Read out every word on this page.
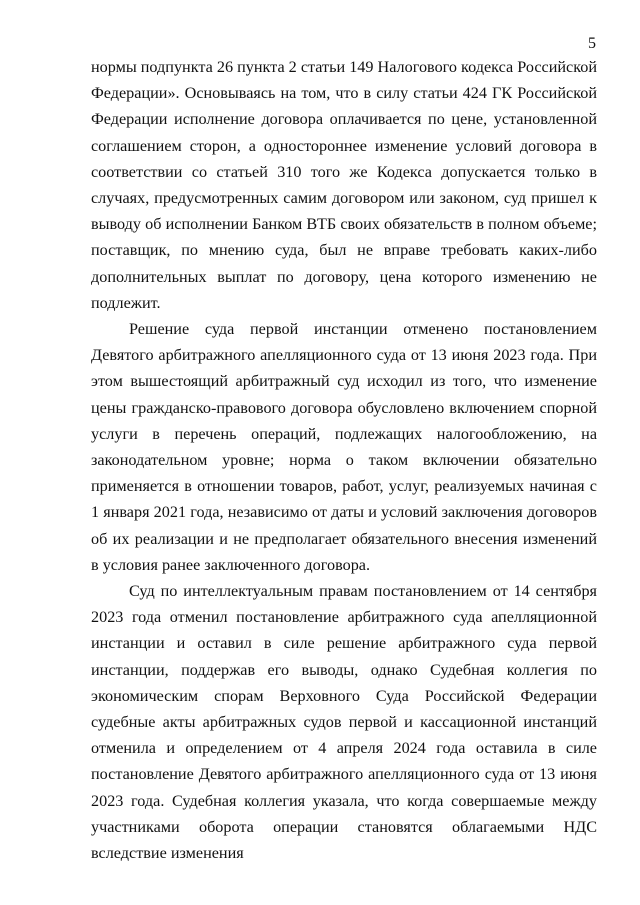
5

нормы подпункта 26 пункта 2 статьи 149 Налогового кодекса Российской Федерации». Основываясь на том, что в силу статьи 424 ГК Российской Федерации исполнение договора оплачивается по цене, установленной соглашением сторон, а одностороннее изменение условий договора в соответствии со статьей 310 того же Кодекса допускается только в случаях, предусмотренных самим договором или законом, суд пришел к выводу об исполнении Банком ВТБ своих обязательств в полном объеме; поставщик, по мнению суда, был не вправе требовать каких-либо дополнительных выплат по договору, цена которого изменению не подлежит.

Решение суда первой инстанции отменено постановлением Девятого арбитражного апелляционного суда от 13 июня 2023 года. При этом вышестоящий арбитражный суд исходил из того, что изменение цены гражданско-правового договора обусловлено включением спорной услуги в перечень операций, подлежащих налогообложению, на законодательном уровне; норма о таком включении обязательно применяется в отношении товаров, работ, услуг, реализуемых начиная с 1 января 2021 года, независимо от даты и условий заключения договоров об их реализации и не предполагает обязательного внесения изменений в условия ранее заключенного договора.

Суд по интеллектуальным правам постановлением от 14 сентября 2023 года отменил постановление арбитражного суда апелляционной инстанции и оставил в силе решение арбитражного суда первой инстанции, поддержав его выводы, однако Судебная коллегия по экономическим спорам Верховного Суда Российской Федерации судебные акты арбитражных судов первой и кассационной инстанций отменила и определением от 4 апреля 2024 года оставила в силе постановление Девятого арбитражного апелляционного суда от 13 июня 2023 года. Судебная коллегия указала, что когда совершаемые между участниками оборота операции становятся облагаемыми НДС вследствие изменения
